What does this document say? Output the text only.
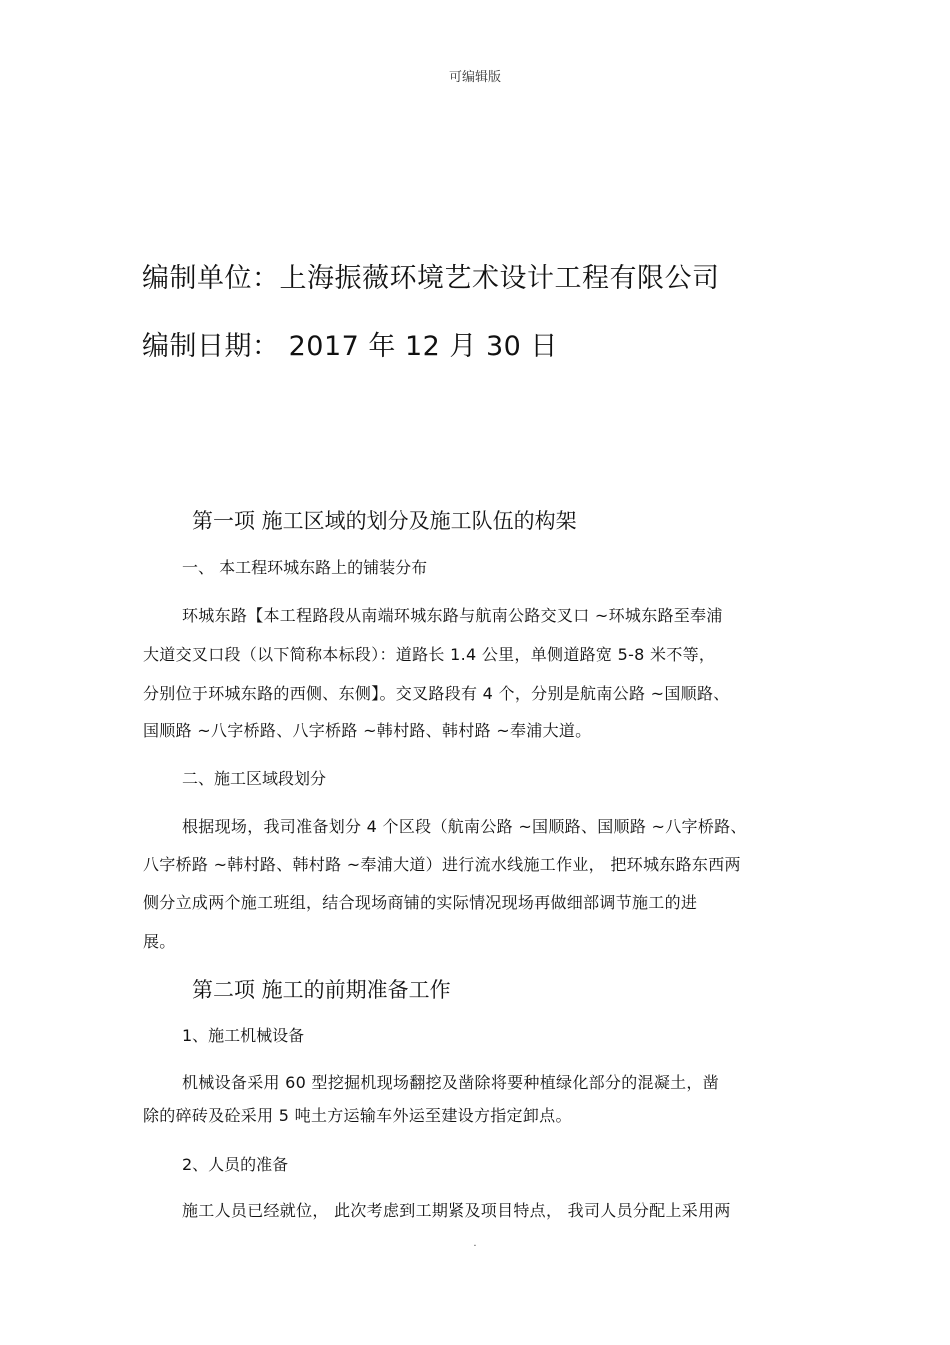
可编辑版
编制单位：上海振薇环境艺术设计工程有限公司
编制日期： 2017 年 12 月 30 日
第一项 施工区域的划分及施工队伍的构架
一、 本工程环城东路上的铺装分布
环城东路【本工程路段从南端环城东路与航南公路交叉口 ~环城东路至奉浦
大道交叉口段（以下简称本标段）：道路长 1.4 公里，单侧道路宽 5-8 米不等，
分别位于环城东路的西侧、东侧】。交叉路段有 4 个，分别是航南公路 ~国顺路、
国顺路 ~八字桥路、八字桥路 ~韩村路、韩村路 ~奉浦大道。
二、施工区域段划分
根据现场，我司准备划分 4 个区段（航南公路 ~国顺路、国顺路 ~八字桥路、
八字桥路 ~韩村路、韩村路 ~奉浦大道）进行流水线施工作业， 把环城东路东西两
侧分立成两个施工班组，结合现场商铺的实际情况现场再做细部调节施工的进
展。
第二项 施工的前期准备工作
1、施工机械设备
机械设备采用 60 型挖掘机现场翻挖及凿除将要种植绿化部分的混凝土，凿
除的碎砖及砼采用 5 吨土方运输车外运至建设方指定卸点。
2、人员的准备
施工人员已经就位， 此次考虑到工期紧及项目特点， 我司人员分配上采用两
.
